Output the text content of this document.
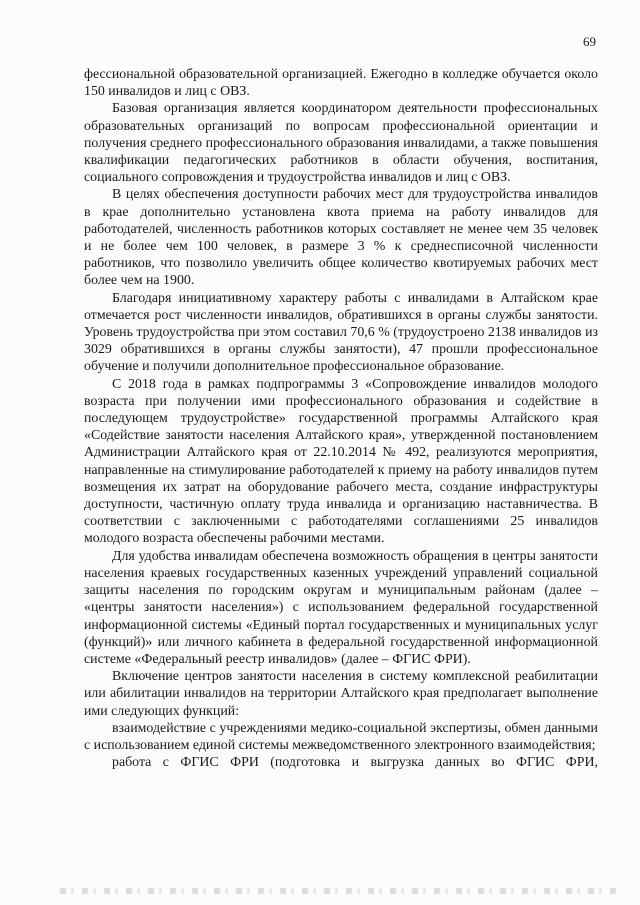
69

фессиональной образовательной организацией. Ежегодно в колледже обучается около 150 инвалидов и лиц с ОВЗ.

Базовая организация является координатором деятельности профессиональных образовательных организаций по вопросам профессиональной ориентации и получения среднего профессионального образования инвалидами, а также повышения квалификации педагогических работников в области обучения, воспитания, социального сопровождения и трудоустройства инвалидов и лиц с ОВЗ.

В целях обеспечения доступности рабочих мест для трудоустройства инвалидов в крае дополнительно установлена квота приема на работу инвалидов для работодателей, численность работников которых составляет не менее чем 35 человек и не более чем 100 человек, в размере 3 % к среднесписочной численности работников, что позволило увеличить общее количество квотируемых рабочих мест более чем на 1900.

Благодаря инициативному характеру работы с инвалидами в Алтайском крае отмечается рост численности инвалидов, обратившихся в органы службы занятости. Уровень трудоустройства при этом составил 70,6 % (трудоустроено 2138 инвалидов из 3029 обратившихся в органы службы занятости), 47 прошли профессиональное обучение и получили дополнительное профессиональное образование.

С 2018 года в рамках подпрограммы 3 «Сопровождение инвалидов молодого возраста при получении ими профессионального образования и содействие в последующем трудоустройстве» государственной программы Алтайского края «Содействие занятости населения Алтайского края», утвержденной постановлением Администрации Алтайского края от 22.10.2014 № 492, реализуются мероприятия, направленные на стимулирование работодателей к приему на работу инвалидов путем возмещения их затрат на оборудование рабочего места, создание инфраструктуры доступности, частичную оплату труда инвалида и организацию наставничества. В соответствии с заключенными с работодателями соглашениями 25 инвалидов молодого возраста обеспечены рабочими местами.

Для удобства инвалидам обеспечена возможность обращения в центры занятости населения краевых государственных казенных учреждений управлений социальной защиты населения по городским округам и муниципальным районам (далее – «центры занятости населения») с использованием федеральной государственной информационной системы «Единый портал государственных и муниципальных услуг (функций)» или личного кабинета в федеральной государственной информационной системе «Федеральный реестр инвалидов» (далее – ФГИС ФРИ).

Включение центров занятости населения в систему комплексной реабилитации или абилитации инвалидов на территории Алтайского края предполагает выполнение ими следующих функций:

взаимодействие с учреждениями медико-социальной экспертизы, обмен данными с использованием единой системы межведомственного электронного взаимодействия;

работа с ФГИС ФРИ (подготовка и выгрузка данных во ФГИС ФРИ,
